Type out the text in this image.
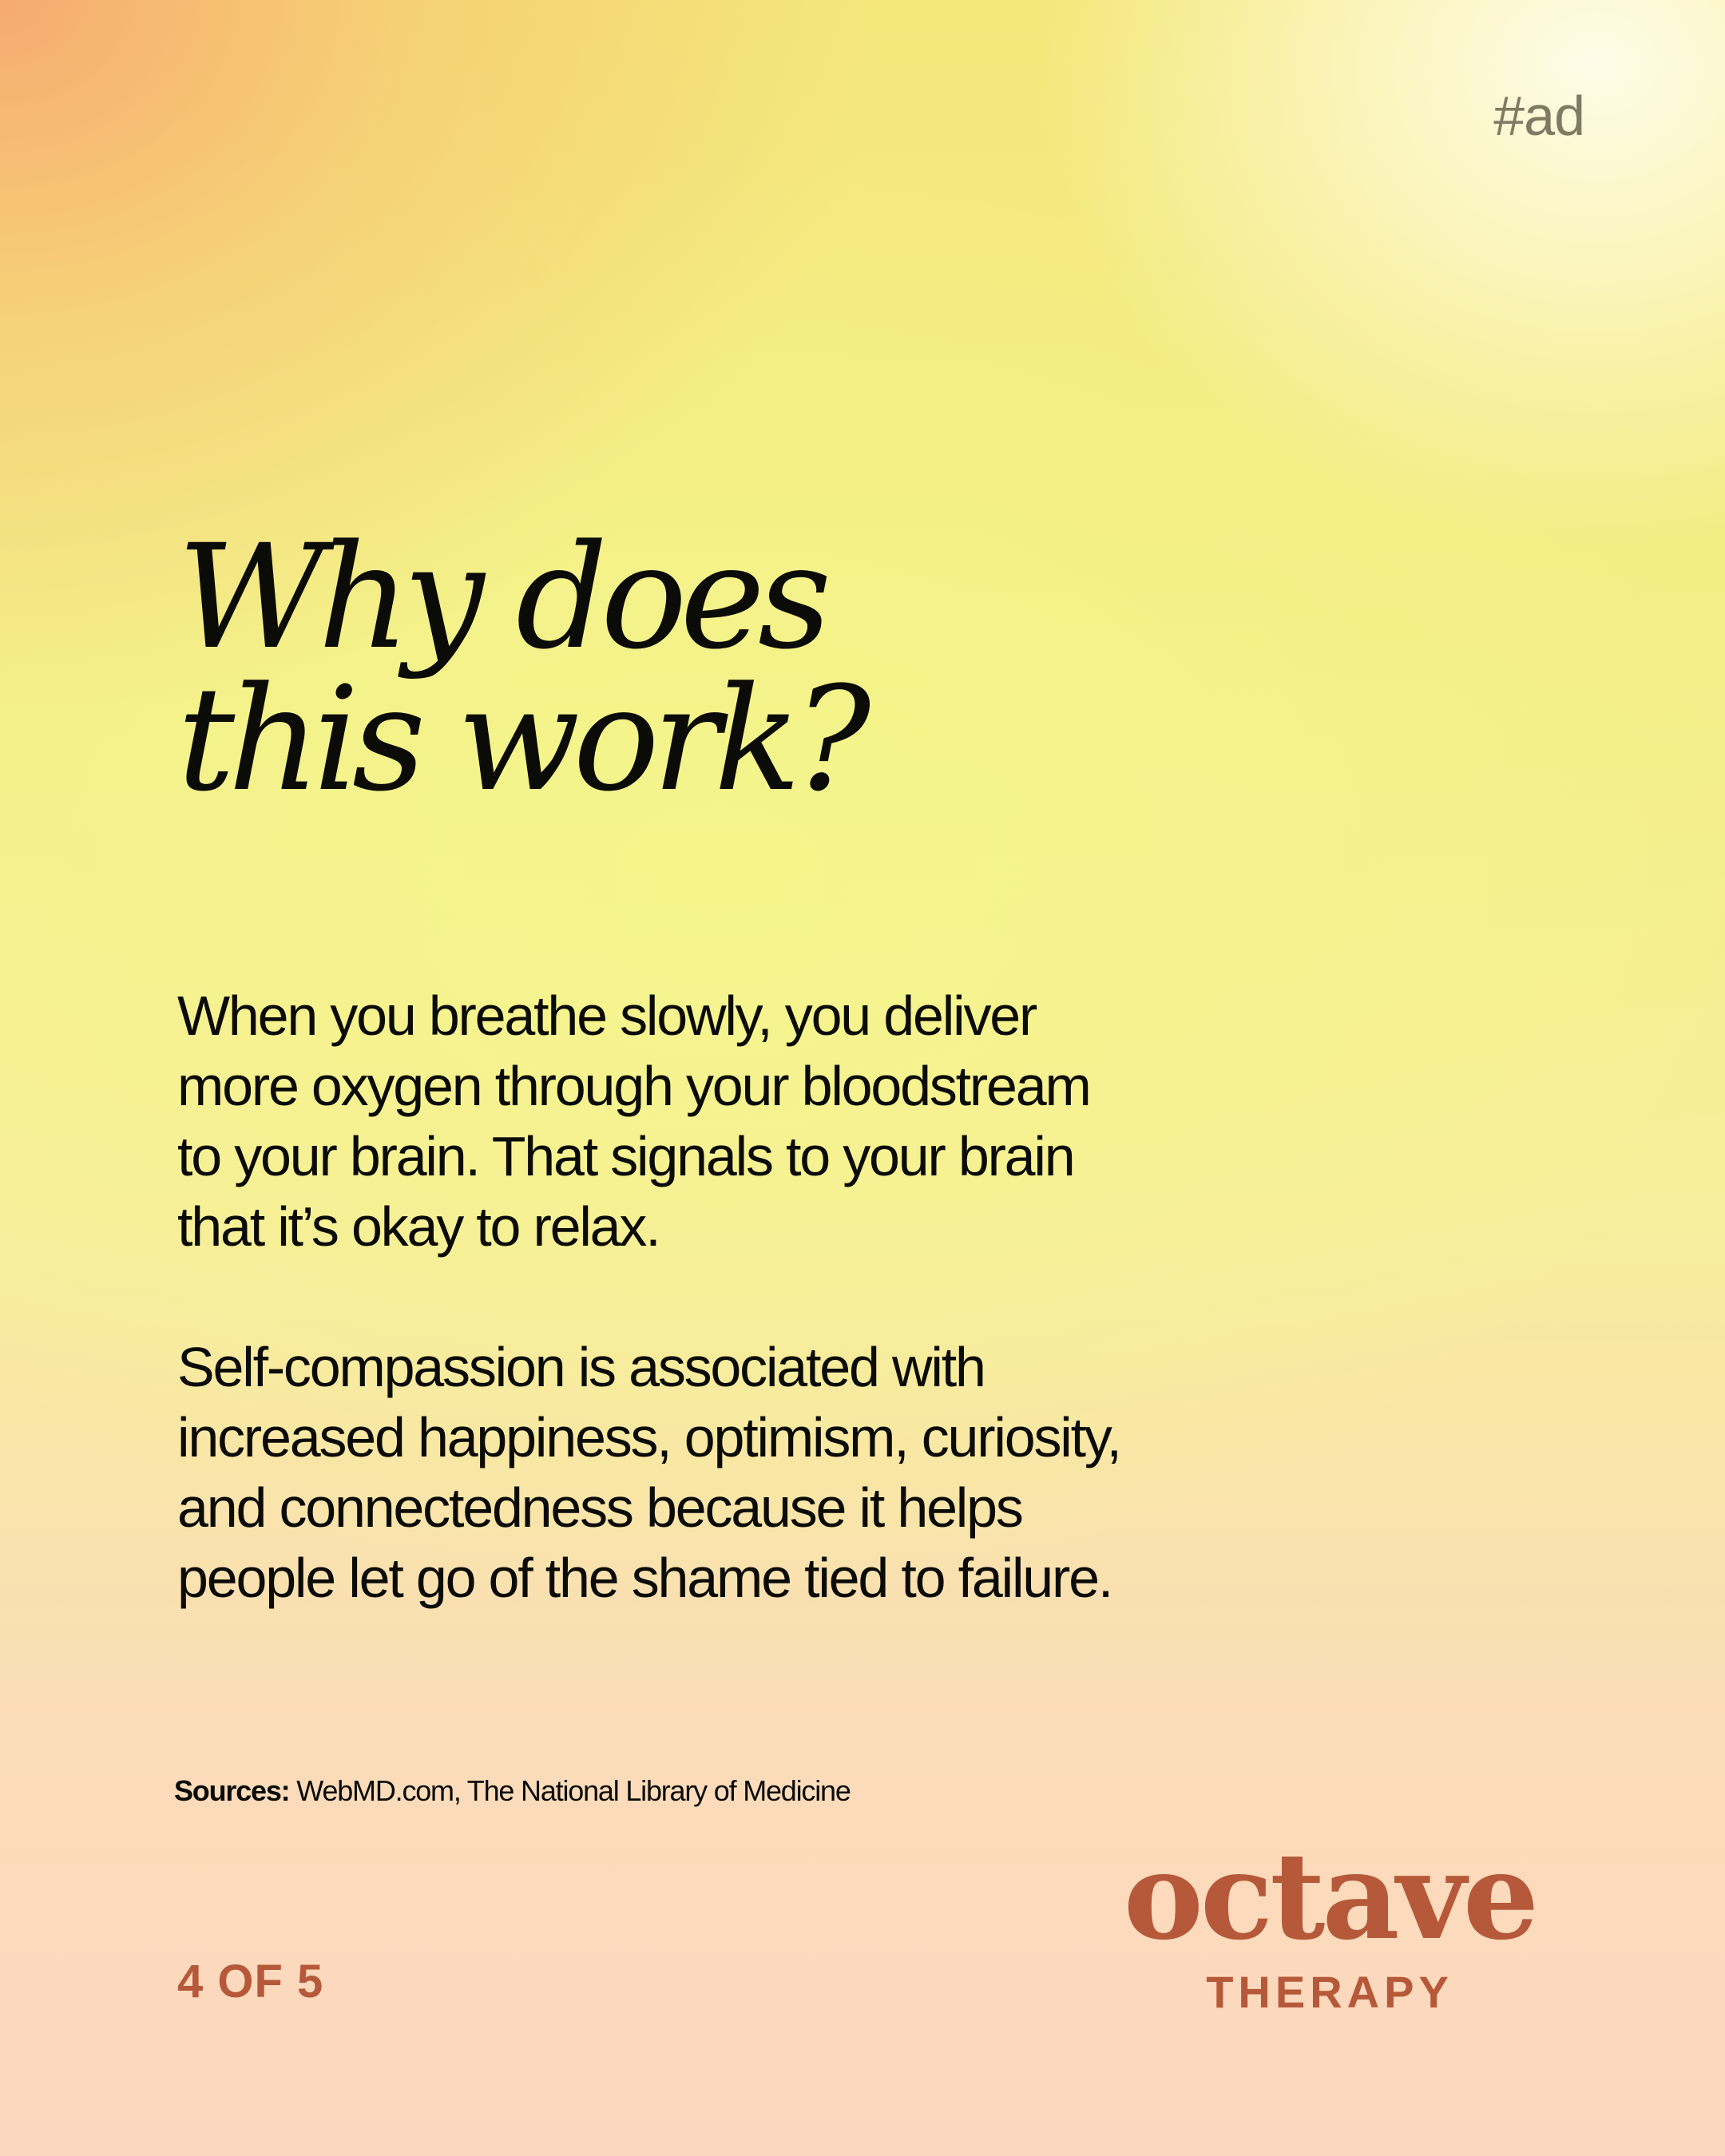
#ad
Why does
this work?

When you breathe slowly, you deliver
more oxygen through your bloodstream
to your brain. That signals to your brain
that it’s okay to relax.

Self-compassion is associated with
increased happiness, optimism, curiosity,
and connectedness because it helps
people let go of the shame tied to failure.

Sources: WebMD.com, The National Library of Medicine
4 OF 5
octave
THERAPY
